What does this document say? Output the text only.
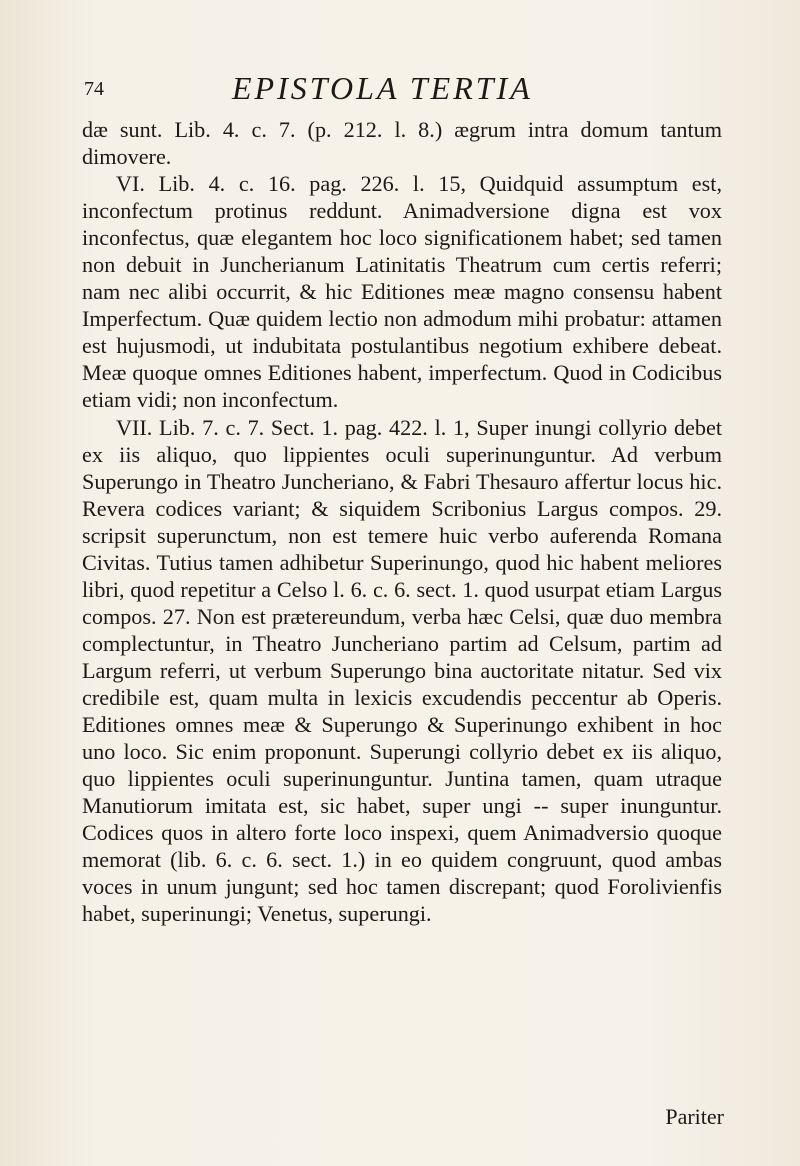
74	EPISTOLA TERTIA

dæ sunt. Lib. 4. c. 7. (p. 212. l. 8.) ægrum intra domum tantum dimovere.

VI. Lib. 4. c. 16. pag. 226. l. 15, Quidquid assumptum est, inconfectum protinus reddunt. Animadversione digna est vox inconfectus, quæ elegantem hoc loco significationem habet; sed tamen non debuit in Juncherianum Latinitatis Theatrum cum certis referri; nam nec alibi occurrit, & hic Editiones meæ magno consensu habent Imperfectum. Quæ quidem lectio non admodum mihi probatur: attamen est hujusmodi, ut indubitata postulantibus negotium exhibere debeat. Meæ quoque omnes Editiones habent, imperfectum. Quod in Codicibus etiam vidi; non inconfectum.

VII. Lib. 7. c. 7. Sect. 1. pag. 422. l. 1, Super inungi collyrio debet ex iis aliquo, quo lippientes oculi superinunguntur. Ad verbum Superungo in Theatro Juncheriano, & Fabri Thesauro affertur locus hic. Revera codices variant; & siquidem Scribonius Largus compos. 29. scripsit superunctum, non est temere huic verbo auferenda Romana Civitas. Tutius tamen adhibetur Superinungo, quod hic habent meliores libri, quod repetitur a Celso l. 6. c. 6. sect. 1. quod usurpat etiam Largus compos. 27. Non est prætereundum, verba hæc Celsi, quæ duo membra complectuntur, in Theatro Juncheriano partim ad Celsum, partim ad Largum referri, ut verbum Superungo bina auctoritate nitatur. Sed vix credibile est, quam multa in lexicis excudendis peccentur ab Operis. Editiones omnes meæ & Superungo & Superinungo exhibent in hoc uno loco. Sic enim proponunt. Superungi collyrio debet ex iis aliquo, quo lippientes oculi superinunguntur. Juntina tamen, quam utraque Manutiorum imitata est, sic habet, super ungi -- super inunguntur. Codices quos in altero forte loco inspexi, quem Animadversio quoque memorat (lib. 6. c. 6. sect. 1.) in eo quidem congruunt, quod ambas voces in unum jungunt; sed hoc tamen discrepant; quod Forolivienfis habet, superinungi; Venetus, superungi.

Pariter
